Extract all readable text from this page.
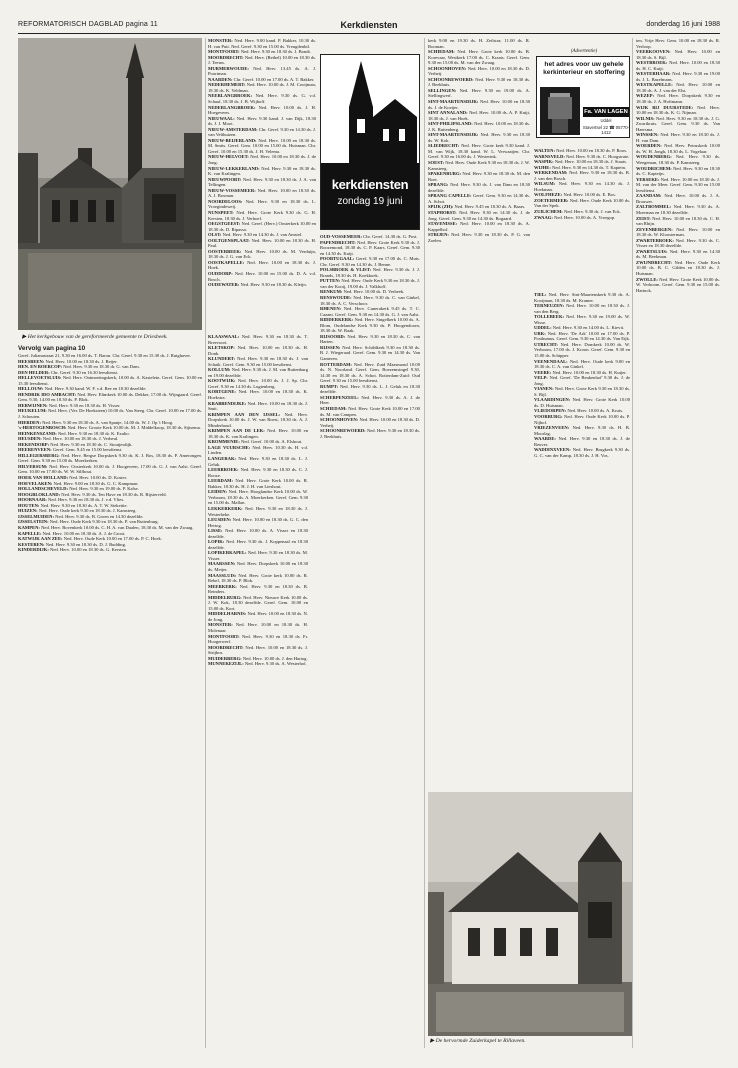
REFORMATORISCH DAGBLAD pagina 11	Kerkdiensten	donderdag 16 juni 1988
▶ Het kerkgebouw van de gereformeerde gemeente te Driesbeek.
Vervolg van pagina 10
Geref. Julianastraat 21, 9.30 en 16.00 ds. T. Baron. Chr. Geref. 9.30 en 15.30 ds. J. Ruighaver.
HEESBEEN: Ned. Herv. 10.00 en 18.30 ds. J. Beijer.
HEN. EN BOERCOP: Ned. Herv. 9.30 en 18.30 dr. G. van Dam.
DEN HELDER: Chr. Geref. 9.30 en 16.30 leesdienst.
HELLEVOETSLUIS: Ned. Herv. Ontmoetingskerk, 10.00 ds. A. Kastelein. Geref. Gem. 10.00 en 15.30 leesdienst.
HELLOUW: Ned. Herv. 9.30 kand. W. F. v.d. Ree en 18.30 dezelfde.
HENDRIK IDO AMBACHT: Ned. Herv. Elimkerk 10.00 ds. Dekker, 17.00 ds. Wijngaard. Geref. Gem. 9.30, 14.00 en 18.30 ds. P. Blok.
HERWIJNEN: Ned. Herv. 9.30 en 18.30 ds. H. Visser.
HEUKELUM: Ned. Herv. (Ver. De Hoeksteen) 10.00 ds. Van Steeg. Chr. Geref. 10.00 en 17.00 ds. J. Schouten.
HIERDEN: Ned. Herv. 9.30 en 18.30 ds. A. van Spanje, 14.00 ds. W. J. Op 't Hoog.
's-HERTOGENBOSCH: Ned. Herv. Groote Kerk 10.00 ds. M. J. Middelkoop, 18.30 ds. Sijtsema.
HEINKENSZAND: Ned. Herv. 9.30 en 18.30 dr. K. Exalto.
HEUSDEN: Ned. Herv. 10.00 en 18.30 ds. J. Verheul.
HEKENDORP: Ned. Herv. 9.30 en 18.30 ds. C. Stoutjesdijk.
HEERENVEEN: Geref. Gem. 9.45 en 15.00 leesdienst.
HILLEGERSBERG: Ned. Herv. Bergse Dorpskerk 9.30 ds. K. J. Bos, 18.30 ds. P. Amerongen. Geref. Gem. 9.30 en 15.00 ds. Moerkerken.
HILVERSUM: Ned. Herv. Oosterkerk 10.00 ds. J. Hoogeveen, 17.00 ds. G. J. van Aalst. Geref. Gem. 10.00 en 17.00 ds. W. W. Silfhout.
HOEK VAN HOLLAND: Ned. Herv. 10.00 ds. D. Koster.
HOEVELAKEN: Ned. Herv. 9.00 en 18.30 ds. G. C. Kampman.
HOLLANDSCHEVELD: Ned. Herv. 9.30 en 19.00 ds. P. Kalse.
HOOGBLOKLAND: Ned. Herv. 9.30 ds. Ten Have en 18.30 ds. R. Bijsterveld.
HOORNAAR: Ned. Herv. 9.30 en 18.30 ds. J. v.d. Vlies.
HOUTEN: Ned. Herv. 9.30 en 18.30 ds. A. T. W. Stekeitte.
HUIZEN: Ned. Herv. Oude kerk 9.30 en 18.30 ds. J. Kamsteeg.
IJSSELMUIDEN: Ned. Herv. 9.30 ds. B. Groen en 14.30 dezelfde.
IJSSELSTEIN: Ned. Herv. Oude Kerk 9.30 en 18.30 ds. P. van Ruitenburg.
KAMPEN: Ned. Herv. Bovenkerk 10.00 ds. C. H. A. van Daalen, 18.30 ds. M. van der Zwaag.
KAPELLE: Ned. Herv. 10.00 en 18.30 ds. A. J. de Groot.
KATWIJK AAN ZEE: Ned. Herv. Oude Kerk 10.00 en 17.00 ds. P. C. Hoek.
KESTEREN: Ned. Herv. 9.30 en 18.30 ds. D. J. Budding.
KINDERDIJK: Ned. Herv. 10.00 en 18.30 ds. G. Kersten.
KLAASWAAL: Ned. Herv. 9.30 en 18.30 ds. T. Breevoort.
KLETSKOP: Ned. Herv. 10.00 en 18.30 ds. H. Donk.
KLUNDERT: Ned. Herv. 9.30 en 18.30 ds. J. van Schaik. Geref. Gem. 9.30 en 15.00 leesdienst.
KOLLUM: Ned. Herv. 9.30 ds. J. M. van Ruitenburg en 19.00 dezelfde.
KOOTWIJK: Ned. Herv. 10.00 ds. J. J. Sp. Chr. Geref. 9.30 en 14.30 ds. Lugtenberg.
KORTGENE: Ned. Herv. 10.00 en 18.30 ds. K. Hoekstra.
KRABBENDIJKE: Ned. Herv. 10.00 en 18.30 ds. J. Smit.
KRIMPEN AAN DEN IJSSEL: Ned. Herv. Dorpskerk 10.00 ds. J. W. van Roest, 18.30 ds. A. J. Minderhoud.
KRIMPEN AAN DE LEK: Ned. Herv. 10.00 en 18.30 ds. K. van Kralingen.
KROMMENIE: Ned. Geref. 10.00 ds. A. Elshout.
LAGE VUURSCHE: Ned. Herv. 10.30 ds. H. v.d. Linden.
LANGERAK: Ned. Herv. 9.30 en 18.30 ds. L. J. Geluk.
LEERBROEK: Ned. Herv. 9.30 en 18.30 ds. C. J. Rooze.
LEERDAM: Ned. Herv. Grote Kerk 10.00 ds. R. Bakker, 18.30 ds. H. J. H. van Lieshout.
LEIDEN: Ned. Herv. Hooglandse Kerk 10.00 ds. W. Verboom, 18.30 ds. A. Moerkerken. Geref. Gem. 9.30 en 15.00 ds. Mallan.
LEKKERKERK: Ned. Herv. 9.30 en 18.30 ds. J. Westerbeke.
LEUSDEN: Ned. Herv. 10.00 en 18.30 ds. G. C. den Hertog.
LISSE: Ned. Herv. 10.00 ds. A. Visser en 18.30 dezelfde.
LOPIK: Ned. Herv. 9.30 ds. J. Koppenaal en 18.30 dezelfde.
LOPIKERKAPEL: Ned. Herv. 9.30 en 18.30 ds. M. Visser.
MAARSSEN: Ned. Herv. Dorpskerk 10.00 en 18.30 ds. Meijer.
MAASSLUIS: Ned. Herv. Grote kerk 10.00 ds. R. Rebel, 18.30 ds. P. Blok.
MEERKERK: Ned. Herv. 9.30 en 18.30 ds. B. Reinders.
MIDDELBURG: Ned. Herv. Nieuwe Kerk 10.00 ds. J. W. Kok, 18.30 dezelfde. Geref. Gem. 10.00 en 15.00 ds. Kort.
MIDDELHARNIS: Ned. Herv. 10.00 en 18.30 ds. N. de Jong.
MONSTER: Ned. Herv. 10.00 en 18.30 ds. H. Molenaar.
MONTFOORT: Ned. Herv. 9.30 en 18.30 ds. Fr. Hoogerwerf.
MOORDRECHT: Ned. Herv. 10.00 en 18.30 ds. J. Strijbos.
MUIDERBERG: Ned. Herv. 10.00 ds. J. den Hartog.
MUNNEKEZIJL: Ned. Herv. 9.30 ds. A. Westerhof.
MONSTER: Ned. Herv. 9.00 kand. P. Bakker, 10.30 ds. H. van Putt. Ned. Geref. 9.30 en 15.00 ds. Vreugdenhil.
MONTFOORT: Ned. Herv. 9.30 en 18.30 ds. J. Bondt.
MOORDRECHT: Ned. Herv. (Bethel) 10.00 en 18.30 ds. J. Teeuw.
MURMERWOUDE: Ned. Herv. 13.45 ds. A. J. Poortman.
NAARDEN: Chr. Geref. 10.00 en 17.00 ds. A. T. Bakker.
NEDERHEMERT: Ned. Herv. 10.00 ds. J. M. Cooijman, 18.30 ds. K. Veldman.
NEERLANGBROEK: Ned. Herv. 9.30 ds. G. v.d. Schaaf, 18.30 ds. J. B. Wijhoff.
NEDERLANGBROEK: Ned. Herv. 10.00 ds. J. H. Hoegeveen.
NIEUWAAL: Ned. Herv. 9.30 kand. J. van Dijk, 18.30 ds. J. J. Mooi.
NIEUW-AMSTERDAM: Chr. Geref. 9.30 en 14.30 ds. J. van Velthuizen.
NIEUW-BEIJERLAND: Ned. Herv. 10.00 en 18.30 ds. M. Smits. Geref. Gem. 10.00 en 15.00 ds. Huisman. Chr. Geref. 10.00 en 15.30 ds. J. H. Velema.
NIEUW-HELVOET: Ned. Herv. 10.00 en 18.30 ds. J. de Jong.
NIEUW-LEKKERLAND: Ned. Herv. 9.30 en 18.30 ds. K. van Kralingen.
NIEUWPOORT: Ned. Herv. 9.30 en 18.30 ds. J. A. van Tellingen.
NIEUW-VOSSEMEER: Ned. Herv. 10.00 en 18.30 ds. A. J. Boxman.
NOORDELOOS: Ned. Herv. 9.30 en 18.30 ds. L. Vroegindeweij.
NUNSPEET: Ned. Herv. Grote Kerk 9.30 ds. G. H. Kersten, 18.30 ds. J. Verhoef.
OEGSTGEEST: Ned. Geref. (Herv.) Oosterkerk 10.00 en 18.30 ds. D. Ripassa.
OLST: Ned. Herv. 9.30 en 14.30 ds. J. van Amstel.
OOLTGENSPLAAT: Ned. Herv. 10.00 en 18.30 ds. H. Paul.
OOSTERBEEK: Ned. Herv. 10.00 ds. M. Verduijn, 18.30 ds. J. G. van Eck.
OOSTKAPELLE: Ned. Herv. 10.00 en 18.30 ds. J. Hoek.
OUDDORP: Ned. Herv. 10.00 en 15.00 ds. D. A. v.d. Bosch.
OUDEWATER: Ned. Herv. 9.30 en 18.30 ds. Kleijn.
kerkdiensten
zondag 19 juni
OUD-VOSSEMEER: Chr. Geref. 14.30 ds. G. Post.
PAPENDRECHT: Ned. Herv. Grote Kerk 9.30 ds. J. Roozemond, 18.30 ds. C. P. Kaars. Geref. Gem. 9.30 en 14.30 ds. Kuijt.
POORTUGAAL: Geref. 9.30 en 17.00 ds. C. Muis. Chr. Geref. 9.30 en 14.30 ds. J. Benne.
POLSBROEK & VLIST: Ned. Herv. 9.30 ds. J. J. Brands, 18.30 ds. H. Koekkoek.
PUTTEN: Ned. Herv. Oude Kerk 9.30 en 18.30 ds. J. van der Kooij, 19.00 ds. J. Valkhoff.
RENKUM: Ned. Herv. 10.00 ds. D. Verbeek.
RENSWOUDE: Ned. Herv. 9.30 ds. C. van Ginkel, 18.30 ds. A. C. Verschoor.
RHENEN: Ned. Herv. Cunerakerk 9.45 ds. T. C. Cazant. Geref. Gem. 9.30 en 14.30 ds. G. J. van Aalst.
RIDDERKERK: Ned. Herv. Singelkerk 10.00 ds. A. Blom, Oudelandse Kerk 9.30 ds. P. Hoogendoorn, 18.30 ds. W. Raak.
RIJSOORD: Ned. Herv. 9.30 en 18.30 ds. C. van Harten.
RIJSSEN: Ned. Herv. Schildkerk 9.30 en 18.30 ds. B. J. Wiegeraad. Geref. Gem. 9.30 en 14.30 ds. Van Gameren.
ROTTERDAM: Ned. Herv. Zuid Maasmond 10.00 ds. N. Noorland. Geref. Gem. Boezemsingel 9.30, 14.30 en 18.30 ds. A. Schot. Rotterdam-Zuid: Oud Geref. 9.30 en 15.00 leesdienst.
RUMPT: Ned. Herv. 9.30 ds. L. J. Geluk en 18.30 dezelfde.
SCHERPENZEEL: Ned. Herv. 9.30 ds. A. J. de Heer.
SCHIEDAM: Ned. Herv. Grote Kerk 10.00 en 17.00 ds. M. van Campen.
SCHOONHOVEN: Ned. Herv. 10.00 en 18.30 ds. D. Verheij.
SCHOONREWOERD: Ned. Herv. 9.30 en 18.30 ds. J. Beekhuis.
kerk 9.00 en 19.30 ds. H. Zeilstra; 11.00 ds. R. Rooman.
SCHIEDAM: Ned. Herv. Grote kerk 10.00 ds. B. Korevaar, Westkerk 17.00 ds. C. Kraats. Geref. Gem. 9.30 en 15.00 ds. M. van der Zwaag.
SCHOONHOVEN: Ned. Herv. 10.00 en 18.30 ds. D. Verheij.
SCHOONREWOERD: Ned. Herv. 9.30 en 18.30 ds. J. Beekhuis.
SELLINGEN: Ned. Herv. 9.30 en 19.00 ds. A. Stellingwerf.
SINT-MAARTENSDIJK: Ned. Herv. 10.00 en 18.30 ds. J. de Koeijer.
SINT ANNALAND: Ned. Herv. 10.00 ds. A. P. Kuijt, 18.30 ds. J. van Hoek.
SINT-PHILIPSLAND: Ned. Herv. 10.00 en 18.30 ds. J. K. Ruitenberg.
SINT-MAARTENSDIJK: Ned. Herv. 9.30 en 18.30 ds. W. Kok.
SLIEDRECHT: Ned. Herv. Grote kerk 9.30 kand. J. M. van Wijk, 18.30 kand. W. L. Verwaaijen. Chr. Geref. 9.30 en 16.00 ds. J. Westerink.
SOEST: Ned. Herv. Oude Kerk 9.30 en 18.30 ds. J. W. Kamsteeg.
SPAKENBURG: Ned. Herv. 9.30 en 18.30 ds. M. den Boer.
SPRANG: Ned. Herv. 9.30 ds. J. van Dam en 18.30 dezelfde.
SPRANG CAPELLE: Geref. Gem. 9.30 en 14.30 ds. A. Schot.
SPIJK (ZH): Ned. Herv. 9.45 en 18.30 ds. A. Baars.
STAPHORST: Ned. Herv. 9.30 en 14.30 ds. J. de Jong. Geref. Gem. 9.30 en 14.30 ds. Bogaard.
STAVENISSE: Ned. Herv. 10.00 en 18.30 ds. A. Kappelhof.
STRIJEN: Ned. Herv. 9.30 en 18.30 ds. P. G. van Zoelen.
(Advertentie)
het adres voor uw gehele kerkinterieur en stoffering
Fa. VAN LAGEN
Uddel
Stavertsel 22 ☎ 05770-1412
ten, Vrije Herv. Gem. 10.00 en 18.30 ds. R. Verloop.
VEERKOOVEN: Ned. Herv. 10.00 en 18.30 ds. S. Bijl.
WESTBROEK: Ned. Herv. 10.00 en 18.30 ds. H. C. Kuijt.
WESTERHAAR: Ned. Herv. 9.30 en 19.00 ds. J. L. Bazelmans.
WESTKAPELLE: Ned. Herv. 10.00 en 18.30 ds. A. J. van der Elst.
WEZEP: Ned. Herv. Dorpskerk 9.30 en 18.30 ds. J. A. Hoftmann.
WIJK BIJ DUURSTEDE: Ned. Herv. 10.00 en 18.30 ds. K. G. Nijman.
WILNIS: Ned. Herv. 9.30 en 18.30 ds. J. G. Zwartkruis. Geref. Gem. 9.30 ds. Van Haersma.
WINSSEN: Ned. Herv. 9.30 en 18.30 ds. J. H. van Dam.
WOERDEN: Ned. Herv. Petruskerk 10.00 ds. W. H. Jongh, 18.30 ds. L. Vogelaar.
WOUDENBERG: Ned. Herv. 9.30 ds. Weegeman, 18.30 ds. P. Kamsteeg.
WOUDRICHEM: Ned. Herv. 9.30 en 18.30 ds. C. Kapteijn.
YERSEKE: Ned. Herv. 10.00 en 18.30 ds. J. M. van der Meer. Geref. Gem. 9.30 en 15.00 leesdienst.
ZAANDAM: Ned. Herv. 10.00 ds. J. A. Brouwer.
ZALTBOMMEL: Ned. Herv. 9.30 ds. A. Moerman en 18.30 dezelfde.
ZEIST: Ned. Herv. 10.00 en 18.30 ds. C. H. van Rhijn.
ZEVENBERGEN: Ned. Herv. 10.00 en 18.30 ds. W. Kloosterman.
ZWARTEBROEK: Ned. Herv. 9.30 ds. C. Visser en 18.30 dezelfde.
ZWARTSLUIS: Ned. Herv. 9.30 en 14.30 ds. M. Beekman.
ZWIJNDRECHT: Ned. Herv. Oude Kerk 10.00 ds. B. C. Gilden en 18.30 ds. J. Huisman.
ZWOLLE: Ned. Herv. Grote Kerk 10.00 ds. W. Verboom. Geref. Gem. 9.30 en 15.00 ds. Harinck.
WALTEN: Ned. Herv. 10.00 en 18.30 ds. P. Roos.
WARNSVELD: Ned. Herv. 9.30 ds. C. Hoogstrate.
WASPIK: Ned. Herv. 10.00 en 18.30 ds. J. Staats.
WIJHE: Ned. Herv. 9.30 en 14.30 ds. T. Kaptein.
WERKENDAM: Ned. Herv. 9.30 en 18.30 ds. B. J. van den Bosch.
WILSUM: Ned. Herv. 9.30 en 14.30 ds. J. Hoekman.
WOLFHEZE: Ned. Herv. 10.00 ds. E. Bos.
ZOETERMEER: Ned. Herv. Oude Kerk 10.00 ds. Van der Spek.
ZUILICHEM: Ned. Herv. 9.30 ds. J. van Eck.
ZWAAG: Ned. Herv. 10.00 ds. A. Vroegop.
TIEL: Ned. Herv. Sint-Maartenskerk 9.30 ds. A. Kooijman, 18.30 ds. M. Kramer.
TERNEUZEN: Ned. Herv. 10.00 en 18.30 ds. J. van den Berg.
TOLLEBEEK: Ned. Herv. 9.30 en 19.00 ds. W. Wisse.
UDDEL: Ned. Herv. 9.30 en 14.00 ds. L. Kievit.
URK: Ned. Herv. 'De Ark' 10.00 en 17.00 ds. P. Posthumus. Geref. Gem. 9.30 en 14.30 ds. Van Eijk.
UTRECHT: Ned. Herv. Domkerk 10.00 ds. W. Verboom, 17.00 ds. J. Kroon. Geref. Gem. 9.30 en 15.00 ds. Schipper.
VEENENDAAL: Ned. Herv. Oude kerk 9.00 en 18.30 ds. C. A. van Ginkel.
VEERE: Ned. Herv. 10.00 en 18.30 ds. H. Kuijer.
VELP: Ned. Geref. 'De Beukenhof' 9.30 ds. J. de Jong.
VIANEN: Ned. Herv. Grote Kerk 9.30 en 18.30 ds. S. Bijl.
VLAARDINGEN: Ned. Herv. Grote Kerk 10.00 ds. D. Huisman.
VLIEDORPEN: Ned. Herv. 10.00 ds. A. Kruis.
VOORBURG: Ned. Herv. Oude Kerk 10.00 ds. P. Nijhof.
VRIEZENVEEN: Ned. Herv. 9.30 ds. H. B. Moorlag.
WAARDE: Ned. Herv. 9.30 en 18.30 ds. J. de Reuver.
WADDINXVEEN: Ned. Herv. Brugkerk 9.30 ds. G. C. van der Kamp, 18.30 ds. J. H. Vos.
▶ De hervormde Zuiderkapel te Rillaveen.
